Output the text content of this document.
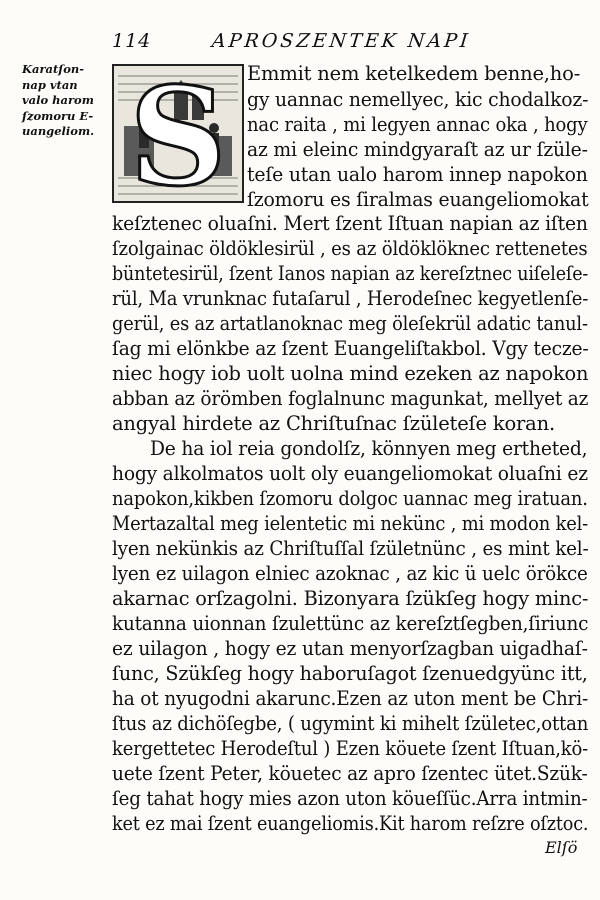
114	APROSZENTEK NAPI
Karatſon-
nap vtan
valo harom
ſzomoru E-
uangeliom. S Emmit nem ketelkedem benne,ho-
gy uannac nemellyec, kic chodalkoz-
nac raita , mi legyen annac oka , hogy
az mi eleinc mindgyaraſt az ur ſzüle-
teſe utan ualo harom innep napokon
ſzomoru es ſiralmas euangeliomokat
keſztenec oluaſni. Mert ſzent Iſtuan napian az iſten
ſzolgainac öldöklesirül , es az öldöklöknec rettenetes
büntetesirül, ſzent Ianos napian az kereſztnec uiſeleſe-
rül, Ma vrunknac futaſarul , Herodeſnec kegyetlenſe-
gerül, es az artatlanoknac meg öleſekrül adatic tanul-
ſag mi elönkbe az ſzent Euangeliſtakbol. Vgy tecze-
niec hogy iob uolt uolna mind ezeken az napokon
abban az örömben foglalnunc magunkat, mellyet az
angyal hirdete az Chriſtuſnac ſzületeſe koran.
De ha iol reia gondolſz, könnyen meg ertheted,
hogy alkolmatos uolt oly euangeliomokat oluaſni ez
napokon,kikben ſzomoru dolgoc uannac meg iratuan.
Mertazaltal meg ielentetic mi nekünc , mi modon kel-
lyen nekünkis az Chriſtuſſal ſzületnünc , es mint kel-
lyen ez uilagon elniec azoknac , az kic ü uelc örökce
akarnac orſzagolni. Bizonyara ſzükſeg hogy minc-
kutanna uionnan ſzulettünc az kereſztſegben,ſiriunc
ez uilagon , hogy ez utan menyorſzagban uigadhaſ-
ſunc, Szükſeg hogy haboruſagot ſzenuedgyünc itt,
ha ot nyugodni akarunc.Ezen az uton ment be Chri-
ſtus az dichöſegbe, ( ugymint ki mihelt ſzületec,ottan
kergettetec Herodeſtul ) Ezen köuete ſzent Iſtuan,kö-
uete ſzent Peter, köuetec az apro ſzentec ütet.Szük-
ſeg tahat hogy mies azon uton köueſſüc.Arra intmin-
ket ez mai ſzent euangeliomis.Kit harom reſzre oſztoc.
Elſö
